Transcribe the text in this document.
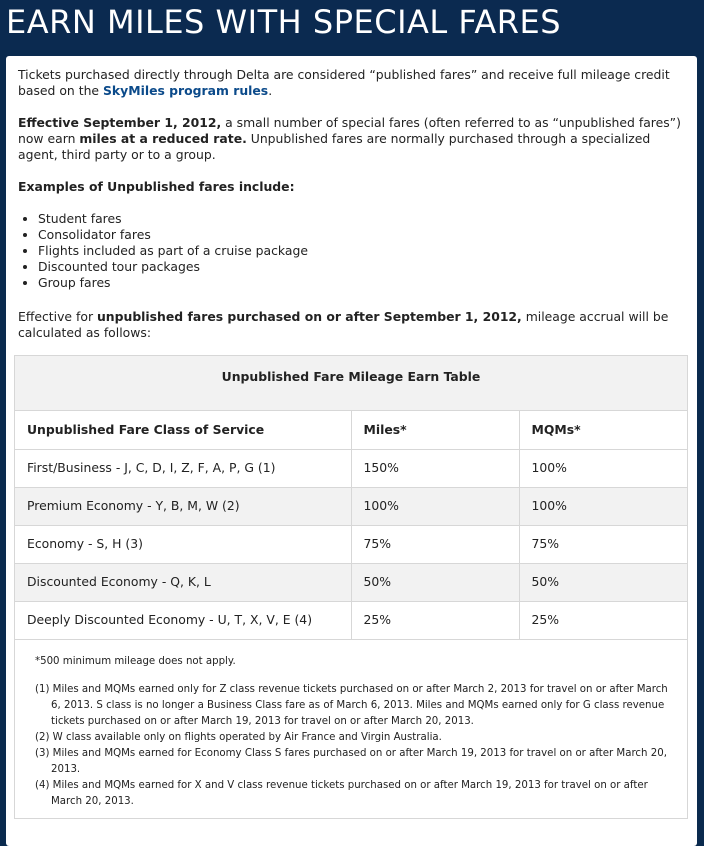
EARN MILES WITH SPECIAL FARES

Tickets purchased directly through Delta are considered “published fares” and receive full mileage credit based on the SkyMiles program rules.

Effective September 1, 2012, a small number of special fares (often referred to as “unpublished fares”) now earn miles at a reduced rate. Unpublished fares are normally purchased through a specialized agent, third party or to a group.

Examples of Unpublished fares include:

• Student fares
• Consolidator fares
• Flights included as part of a cruise package
• Discounted tour packages
• Group fares

Effective for unpublished fares purchased on or after September 1, 2012, mileage accrual will be calculated as follows:

Unpublished Fare Mileage Earn Table
Unpublished Fare Class of Service	Miles*	MQMs*
First/Business - J, C, D, I, Z, F, A, P, G (1)	150%	100%
Premium Economy - Y, B, M, W (2)	100%	100%
Economy - S, H (3)	75%	75%
Discounted Economy - Q, K, L	50%	50%
Deeply Discounted Economy - U, T, X, V, E (4)	25%	25%
*500 minimum mileage does not apply.

(1) Miles and MQMs earned only for Z class revenue tickets purchased on or after March 2, 2013 for travel on or after March 6, 2013. S class is no longer a Business Class fare as of March 6, 2013. Miles and MQMs earned only for G class revenue tickets purchased on or after March 19, 2013 for travel on or after March 20, 2013.

(2) W class available only on flights operated by Air France and Virgin Australia.

(3) Miles and MQMs earned for Economy Class S fares purchased on or after March 19, 2013 for travel on or after March 20, 2013.

(4) Miles and MQMs earned for X and V class revenue tickets purchased on or after March 19, 2013 for travel on or after March 20, 2013.
